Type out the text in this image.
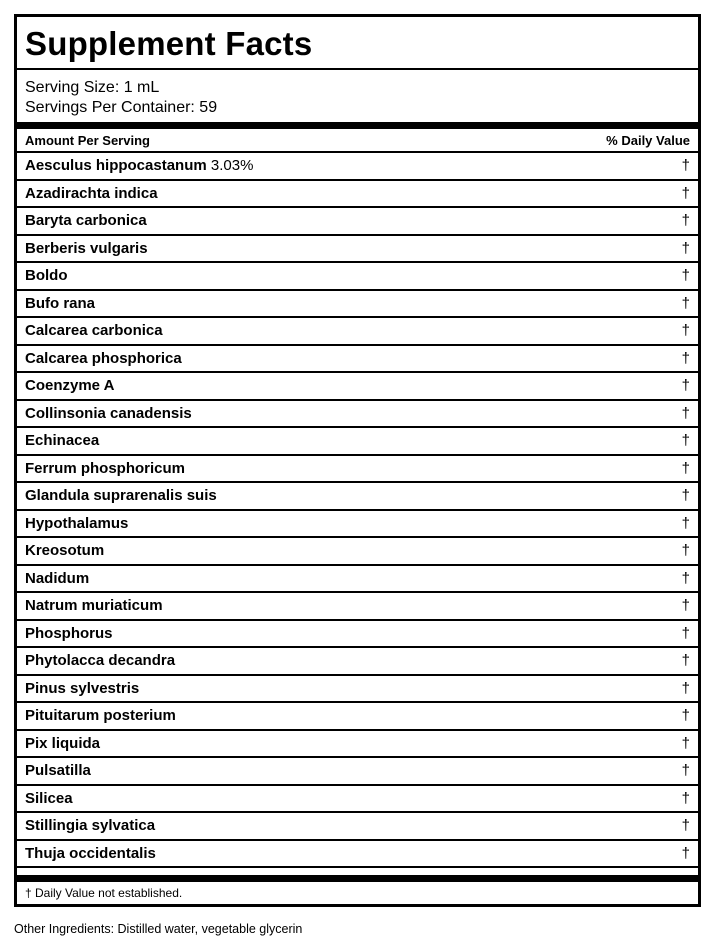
Supplement Facts
Serving Size: 1 mL
Servings Per Container: 59
Amount Per Serving	% Daily Value
Aesculus hippocastanum 3.03%	†
Azadirachta indica	†
Baryta carbonica	†
Berberis vulgaris	†
Boldo	†
Bufo rana	†
Calcarea carbonica	†
Calcarea phosphorica	†
Coenzyme A	†
Collinsonia canadensis	†
Echinacea	†
Ferrum phosphoricum	†
Glandula suprarenalis suis	†
Hypothalamus	†
Kreosotum	†
Nadidum	†
Natrum muriaticum	†
Phosphorus	†
Phytolacca decandra	†
Pinus sylvestris	†
Pituitarum posterium	†
Pix liquida	†
Pulsatilla	†
Silicea	†
Stillingia sylvatica	†
Thuja occidentalis	†
† Daily Value not established.
Other Ingredients: Distilled water, vegetable glycerin
